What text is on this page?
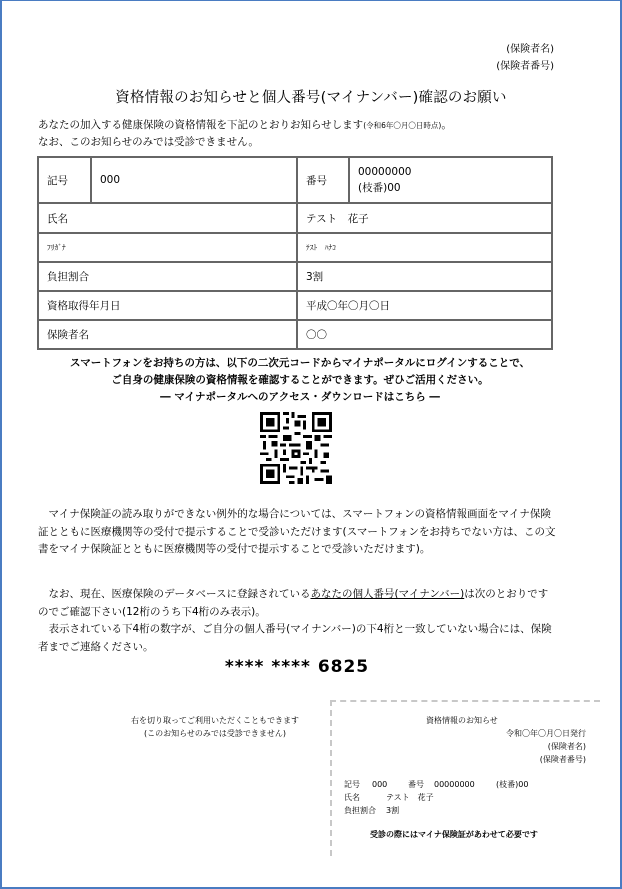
(保険者名)
(保険者番号)
資格情報のお知らせと個人番号(マイナンバー)確認のお願い
あなたの加入する健康保険の資格情報を下記のとおりお知らせします(令和6年〇月〇日時点)。
なお、このお知らせのみでは受診できません。
記号	000	番号	00000000
(枝番)00

氏名		テスト　花子	
ﾌﾘｶﾞﾅ		ﾃｽﾄ　ﾊﾅｺ	
負担割合		3割	
資格取得年月日		平成〇年〇月〇日	
保険者名		〇〇	
スマートフォンをお持ちの方は、以下の二次元コードからマイナポータルにログインすることで、
ご自身の健康保険の資格情報を確認することができます。ぜひご活用ください。
― マイナポータルへのアクセス・ダウンロードはこちら ―
　マイナ保険証の読み取りができない例外的な場合については、スマートフォンの資格情報画面をマイナ保険証とともに医療機関等の受付で提示することで受診いただけます(スマートフォンをお持ちでない方は、この文書をマイナ保険証とともに医療機関等の受付で提示することで受診いただけます)。
　なお、現在、医療保険のデータベースに登録されているあなたの個人番号(マイナンバー)は次のとおりですのでご確認下さい(12桁のうち下4桁のみ表示)。
　表示されている下4桁の数字が、ご自分の個人番号(マイナンバー)の下4桁と一致していない場合には、保険者までご連絡ください。
**** **** 6825
右を切り取ってご利用いただくこともできます
(このお知らせのみでは受診できません)
資格情報のお知らせ
令和〇年〇月〇日発行
(保険者名)
(保険者番号)
記号 000	番号 00000000	(枝番)00
氏名	テスト　花子
負担割合 3割
受診の際にはマイナ保険証があわせて必要です
